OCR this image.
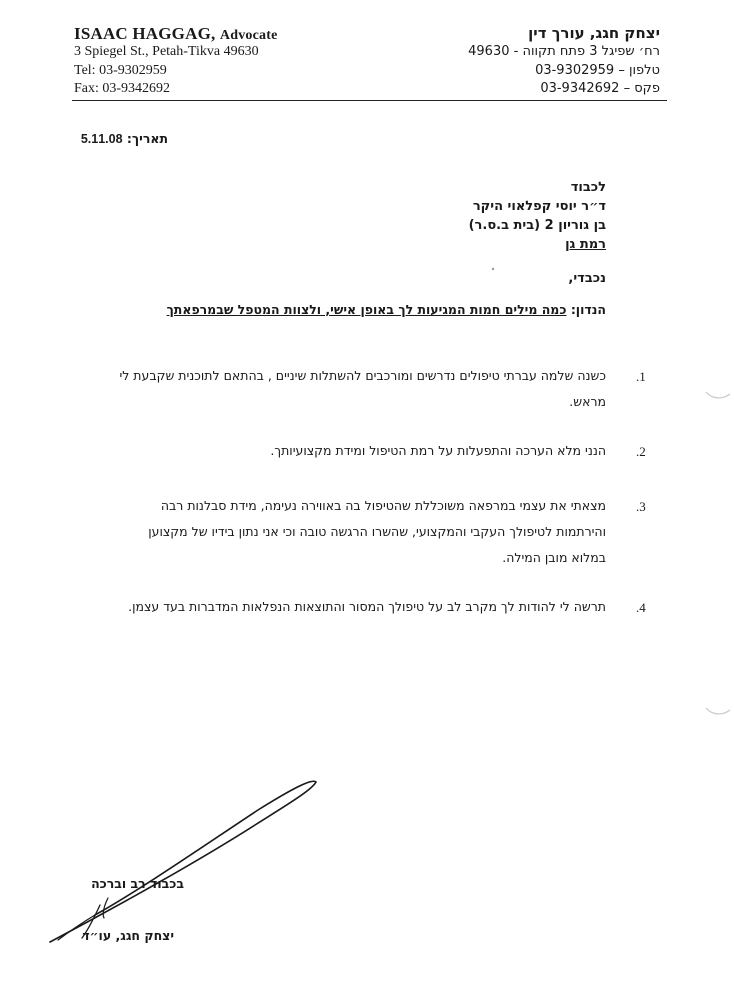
ISAAC HAGGAG, Advocate
3 Spiegel St., Petah-Tikva 49630
Tel: 03-9302959
Fax: 03-9342692
יצחק חגג, עורך דין
רח׳ שפיגל 3 פתח תקווה - 49630
טלפון – 03-9302959
פקס – 03-9342692
תאריך: 5.11.08
לכבוד
ד״ר יוסי קפלאוי היקר
בן גוריון 2 (בית ב.ס.ר)
רמת גן
נכבדי,
הנדון: כמה מילים חמות המגיעות לך באופן אישי, ולצוות המטפל שבמרפאתך
.1
כשנה שלמה עברתי טיפולים נדרשים ומורכבים להשתלות שיניים , בהתאם לתוכנית שקבעת לי
מראש.
.2
הנני מלא הערכה והתפעלות על רמת הטיפול ומידת מקצועיותך.
.3
מצאתי את עצמי במרפאה משוכללת שהטיפול בה באווירה נעימה, מידת סבלנות רבה
והירתמות לטיפולך העקבי והמקצועי, שהשרו הרגשה טובה וכי אני נתון בידיו של מקצוען
במלוא מובן המילה.
.4
תרשה לי להודות לך מקרב לב על טיפולך המסור והתוצאות הנפלאות המדברות בעד עצמן.
בכבוד רב וברכה
יצחק חגג, עו״ד
